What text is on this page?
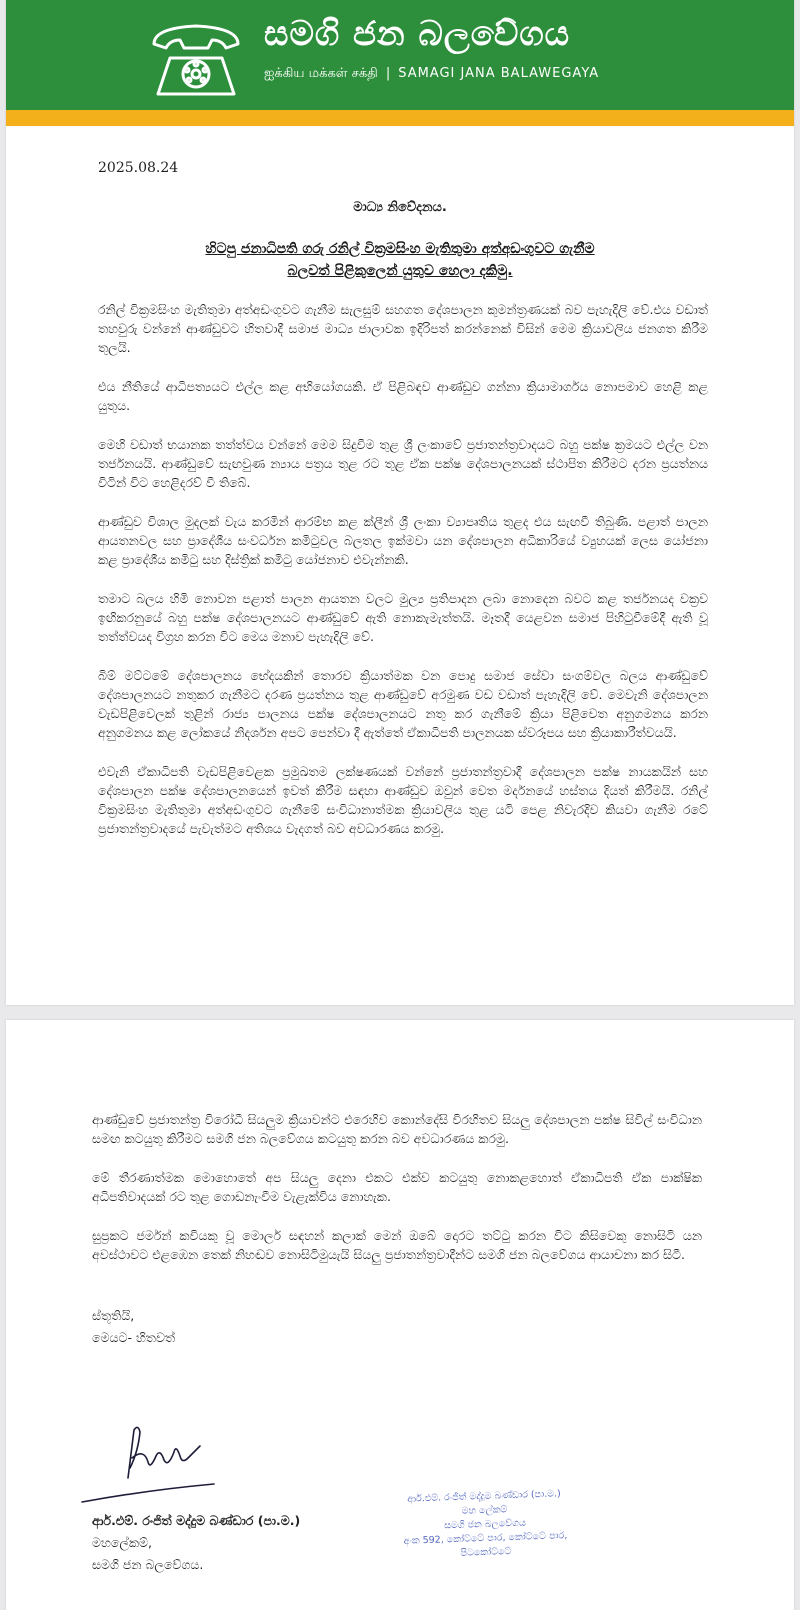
සමගි ජන බලවේගය
ஐக்கிய மக்கள் சக்தி | SAMAGI JANA BALAWEGAYA
2025.08.24
මාධ්‍ය නිවේදනය.
හිටපු ජනාධිපති ගරු රනිල් වික්‍රමසිංහ මැතිතුමා අත්අඩංගුවට ගැනීම
බලවත් පිළිකුලෙන් යුතුව හෙලා දකිමු.

රනිල් වික්‍රමසිංහ මැතිතුමා අත්අඩංගුවට ගැනීම සැලසුම් සහගත දේශපාලන කුමන්ත්‍රණයක් බව පැහැදිලි වේ.එය වඩාත් තහවුරු වන්නේ ආණ්ඩුවට හිතවාදී සමාජ මාධ්‍ය ජාලාවක ඉදිරිපත් කරන්නෙක් විසින් මෙම ක්‍රියාවලිය ජනගත කිරීම තුලයි.

එය නීතියේ ආධිපත්‍යයට එල්ල කළ අභියෝගයකි. ඒ පිළිබඳව ආණ්ඩුව ගන්නා ක්‍රියාමාර්ගය නොපමාව හෙළි කළ යුතුය.

මෙහි වඩාත් භයානක තත්ත්වය වන්නේ මෙම සිදුවීම තුළ ශ්‍රී ලංකාවේ ප්‍රජාතන්ත්‍රවාදයට බහු පක්ෂ ක්‍රමයට එල්ල වන තර්ජනයයි. ආණ්ඩුවේ සැඟවුණ න්‍යාය පත්‍රය තුළ රට තුළ ඒක පක්ෂ දේශපාලනයක් ස්ථාපිත කිරීමට දරන ප්‍රයත්නය විටින් විට හෙළිදරව් වී තිබේ.

ආණ්ඩුව විශාල මුදලක් වැය කරමින් ආරම්භ කළ ක්ලීන් ශ්‍රී ලංකා ව්‍යාපෘතිය තුළද එය සැඟවී තිබුණි. පළාත් පාලන ආයතනවල සහ ප්‍රාදේශීය සංවර්ධන කමිටුවල බලතල ඉක්මවා යන දේශපාලන අධිකාරියේ ව්‍යුහයක් ලෙස යෝජනා කළ ප්‍රාදේශීය කමිටු සහ දිස්ත්‍රික් කමිටු යෝජනාව එවැන්නකි.

තමාට බලය හිමි නොවන පළාත් පාලන ආයතන වලට මුල්‍ය ප්‍රතිපාදන ලබා නොදෙන බවට කළ තර්ජනයද වක්‍රව ඉඟිකරනුයේ බහු පක්ෂ දේශපාලනයට ආණ්ඩුවේ ඇති නොකැමැත්තයි. මෑතදී යෙළවන සමාජ පිහිටුවීමේදී ඇති වූ තත්ත්වයද විග්‍රහ කරන විට මෙය මනාව පැහැදිලි වේ.

බිම් මට්ටමේ දේශපාලනය භේදයකින් තොරව ක්‍රියාත්මක වන පොදු සමාජ සේවා සංගම්වල බලය ආණ්ඩුවේ දේශපාලනයට නතුකර ගැනීමට දරණ ප්‍රයත්නය තුළ ආණ්ඩුවේ අරමුණ වඩ වඩාත් පැහැදිලි වේ. මෙවැනි දේශපාලන වැඩපිළිවෙලක් තුළින් රාජ්‍ය පාලනය පක්ෂ දේශපාලනයට නතු කර ගැනීමේ ක්‍රියා පිළිවෙත අනුගමනය කරන අනුගමනය කළ ලෝකයේ නිදර්ශන අපට පෙන්වා දී ඇත්තේ ඒකාධිපති පාලනයක ස්වරූපය සහ ක්‍රියාකාරීත්වයයි.

එවැනි ඒකාධිපති වැඩපිළිවෙළක ප්‍රමුඛතම ලක්ෂණයක් වන්නේ ප්‍රජාතන්ත්‍රවාදී දේශපාලන පක්ෂ නායකයින් සහ දේශපාලන පක්ෂ දේශපාලනයෙන් ඉවත් කිරීම සඳහා ආණ්ඩුව ඔවුන් වෙත මර්දනයේ හස්තය දියත් කිරීමයි. රනිල් වික්‍රමසිංහ මැතිතුමා අත්අඩංගුවට ගැනීමේ සංවිධානාත්මක ක්‍රියාවලිය තුළ යටි පෙළ නිවැරදිව කියවා ගැනීම රටේ ප්‍රජාතන්ත්‍රවාදයේ පැවැත්මට අතිශය වැදගත් බව අවධාරණය කරමු.

ආණ්ඩුවේ ප්‍රජාතන්ත්‍ර විරෝධී සියලුම ක්‍රියාවන්ට එරෙහිව කොන්දේසි විරහිතව සියලු දේශපාලන පක්ෂ සිවිල් සංවිධාන සමඟ කටයුතු කිරීමට සමගි ජන බලවේගය කටයුතු කරන බව අවධාරණය කරමු.

මේ තීරණාත්මක මොහොතේ අප සියලු දෙනා එකට එක්ව කටයුතු නොකළහොත් ඒකාධිපති ඒක පාක්ෂික අධිපතිවාදයක් රට තුළ ගොඩනැංවීම වැළැක්විය නොහැක.

සුප්‍රකට ජර්මන් කවියකු වූ මොලර් සඳහන් කලාක් මෙන් ඔබේ දොරට තට්ටු කරන විට කිසිවෙකු නොසිටි යන අවස්ථාවට එළඹෙන තෙක් නිහඬව නොසිටිමුයැයි සියලු ප්‍රජාතන්ත්‍රවාදීන්ට සමගි ජන බලවේගය ආයාචනා කර සිටී.

ස්තූතියි,
මෙයට- හිතවත්
ආර්.එම්. රංජිත් මද්දුම බණ්ඩාර (පා.ම.)
මහලේකම්,
සමගි ජන බලවේගය.
ආර්.එම්. රංජිත් මද්දුම බණ්ඩාර (පා.ම.)
මහ ලේකම්
සමගි ජන බලවේගය
අංක 592, කෝට්ටේ පාර, කෝට්ටේ පාර,
පිටකෝට්ටේ
